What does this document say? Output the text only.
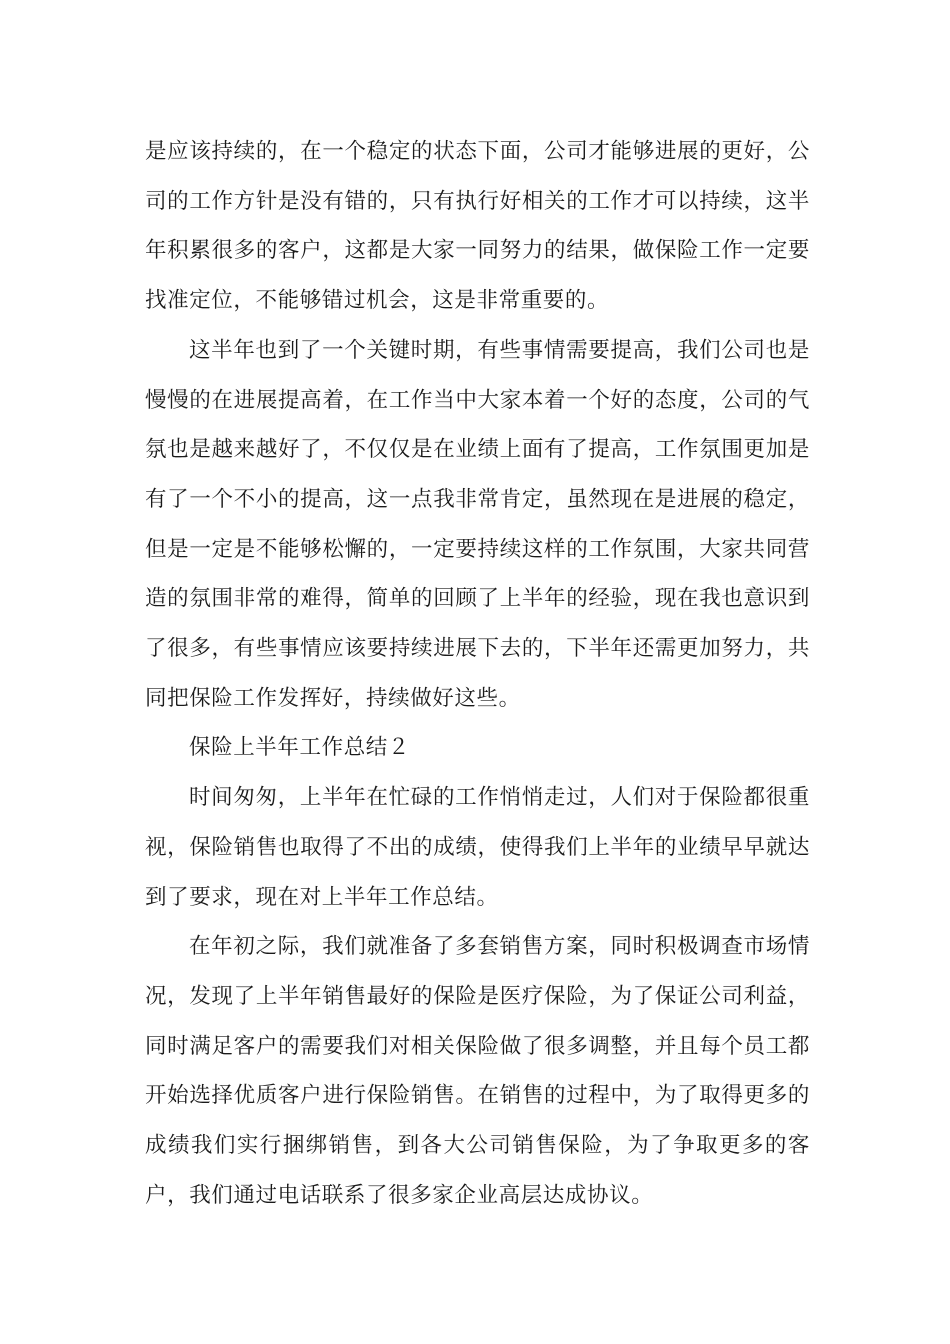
是应该持续的，在一个稳定的状态下面，公司才能够进展的更好，公司的工作方针是没有错的，只有执行好相关的工作才可以持续，这半年积累很多的客户，这都是大家一同努力的结果，做保险工作一定要找准定位，不能够错过机会，这是非常重要的。

这半年也到了一个关键时期，有些事情需要提高，我们公司也是慢慢的在进展提高着，在工作当中大家本着一个好的态度，公司的气氛也是越来越好了，不仅仅是在业绩上面有了提高，工作氛围更加是有了一个不小的提高，这一点我非常肯定，虽然现在是进展的稳定，但是一定是不能够松懈的，一定要持续这样的工作氛围，大家共同营造的氛围非常的难得，简单的回顾了上半年的经验，现在我也意识到了很多，有些事情应该要持续进展下去的，下半年还需更加努力，共同把保险工作发挥好，持续做好这些。

保险上半年工作总结２

时间匆匆，上半年在忙碌的工作悄悄走过，人们对于保险都很重视，保险销售也取得了不出的成绩，使得我们上半年的业绩早早就达到了要求，现在对上半年工作总结。

在年初之际，我们就准备了多套销售方案，同时积极调查市场情况，发现了上半年销售最好的保险是医疗保险，为了保证公司利益，同时满足客户的需要我们对相关保险做了很多调整，并且每个员工都开始选择优质客户进行保险销售。在销售的过程中，为了取得更多的成绩我们实行捆绑销售，到各大公司销售保险，为了争取更多的客户，我们通过电话联系了很多家企业高层达成协议。
